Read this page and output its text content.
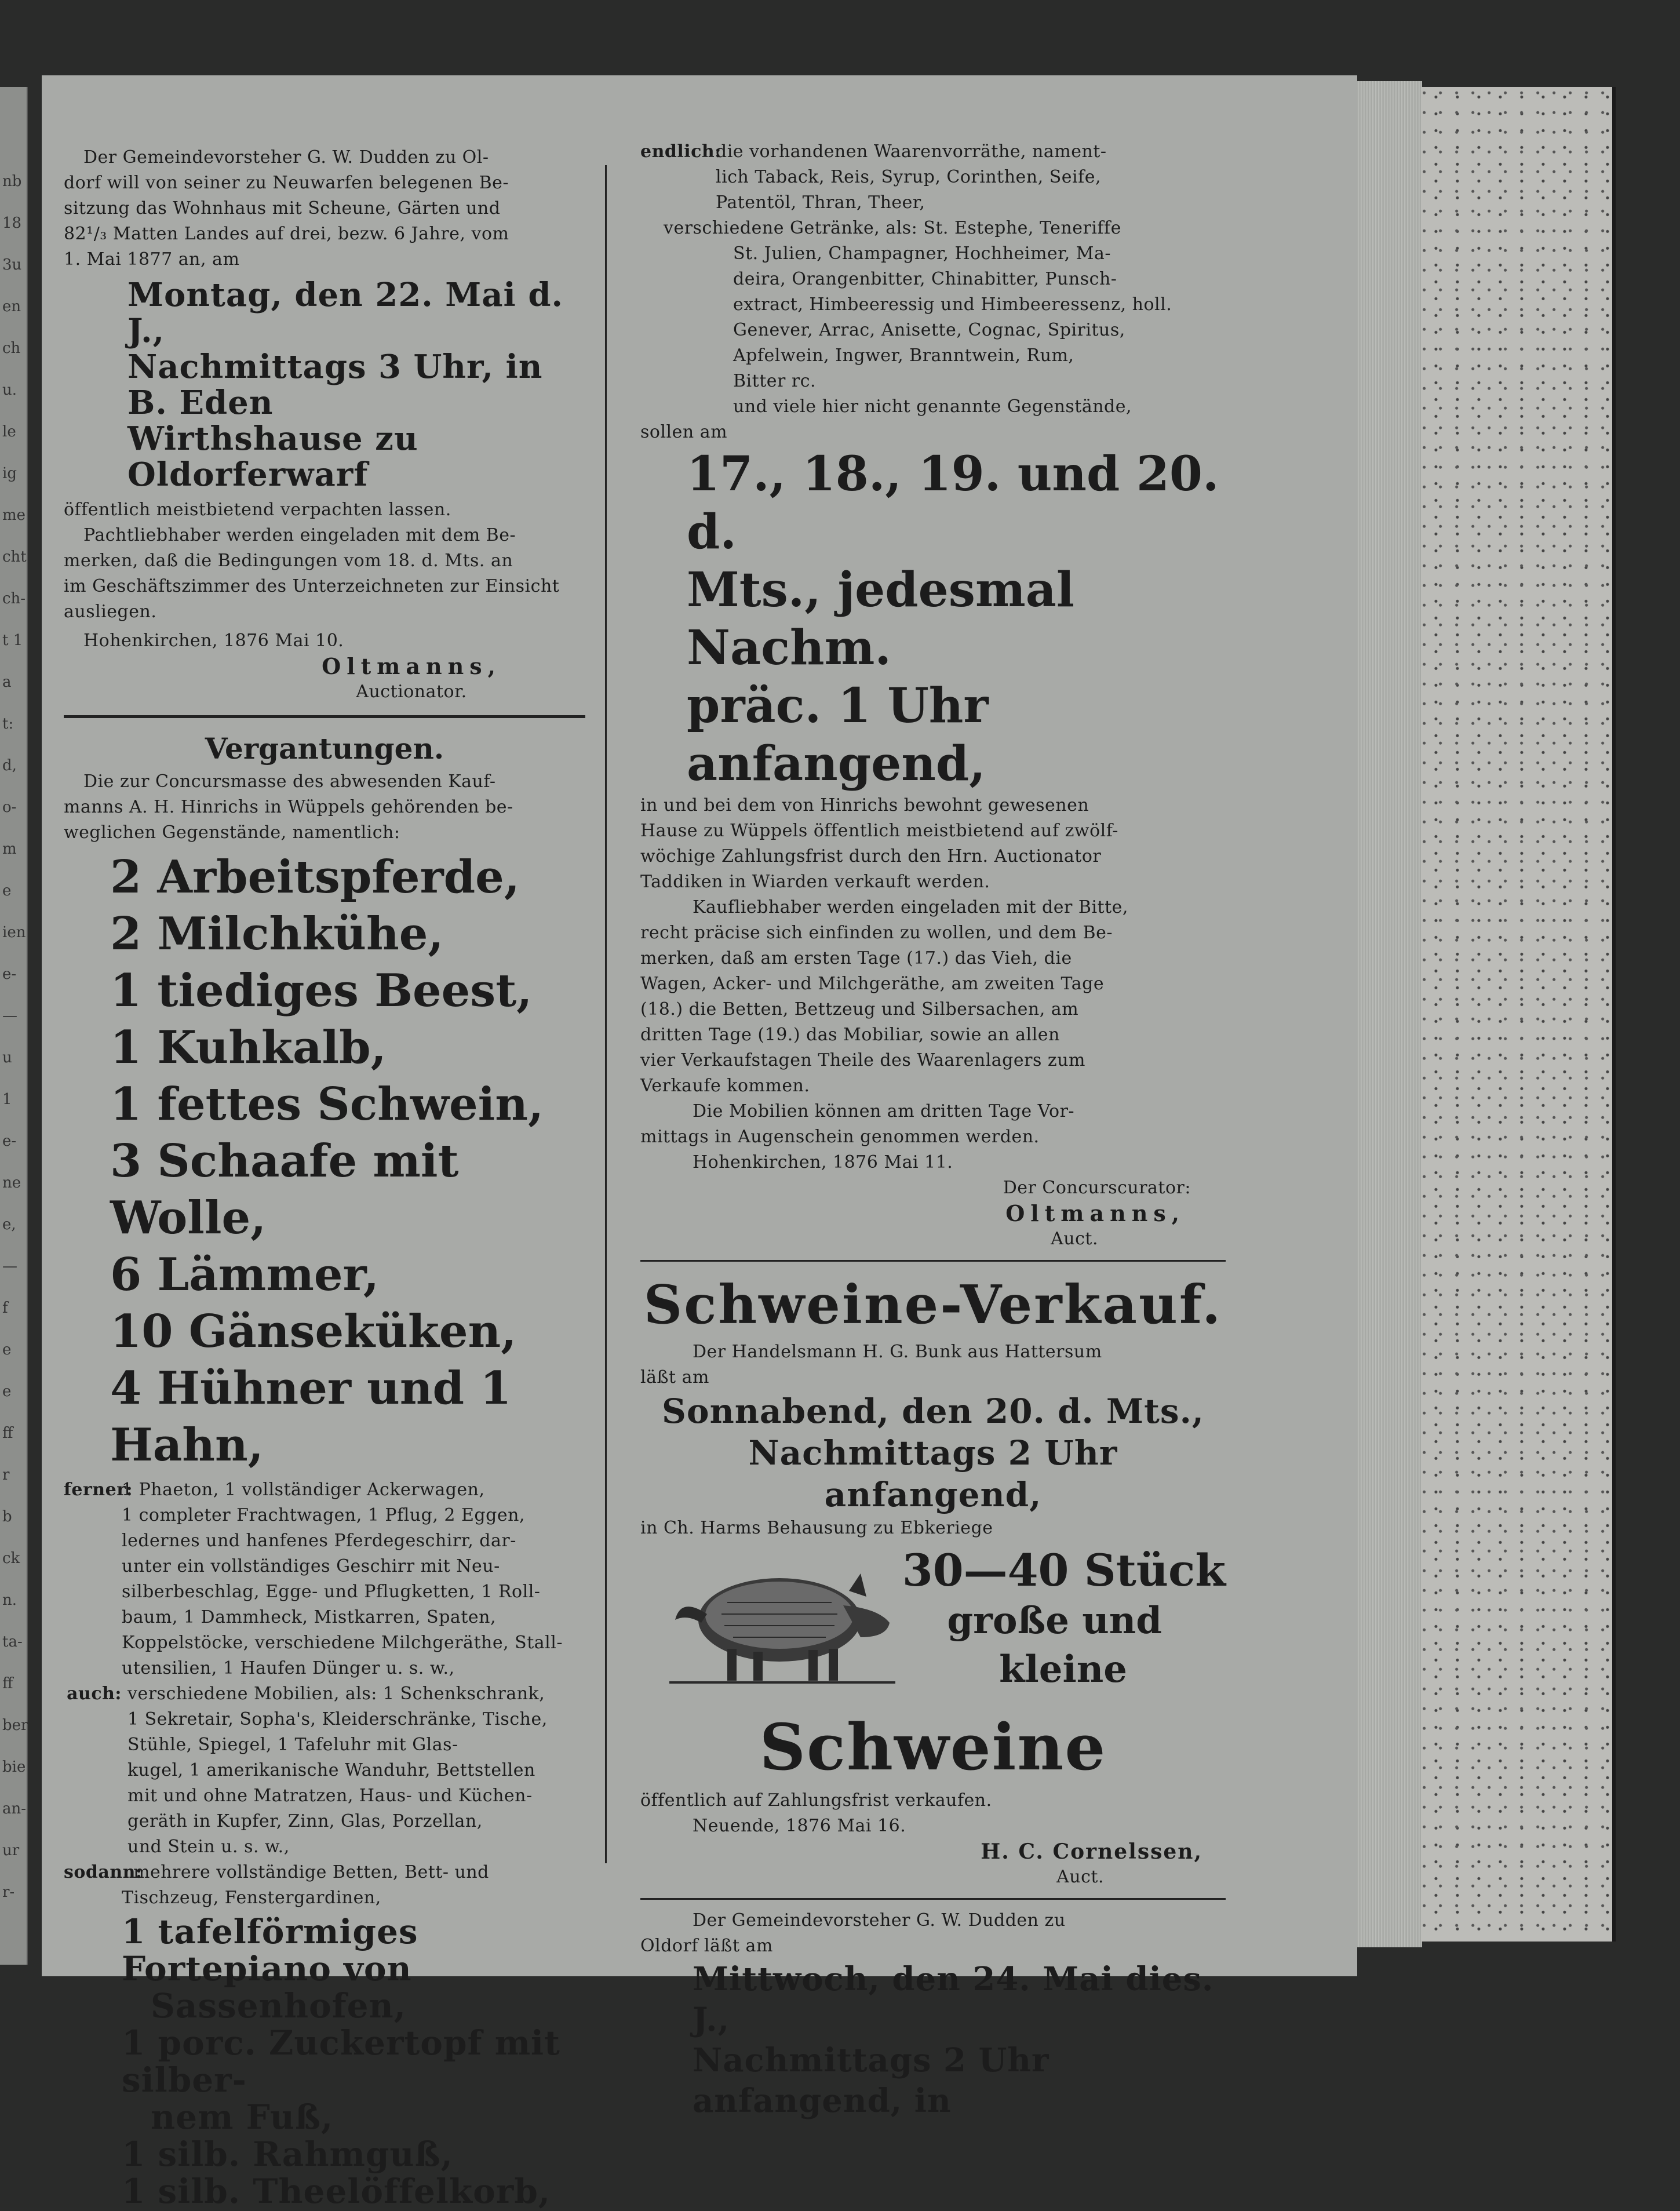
nb
18
3u
en
ch
u.
le
ig
me
cht
ch-
t 1
a
t:
d,
o-
m
e
ien
e-
—
u
1
e-
ne
e,
—
f
e
e
ff
r
b
ck
n.
ta-
ff
ber
bie
an-
ur
r-

Der Gemeindevorsteher G. W. Dudden zu Ol-

dorf will von seiner zu Neuwarfen belegenen Be-

sitzung das Wohnhaus mit Scheune, Gärten und

82¹/₃ Matten Landes auf drei, bezw. 6 Jahre, vom

1. Mai 1877 an, am

Montag, den 22. Mai d. J.,

Nachmittags 3 Uhr, in B. Eden

Wirthshause zu Oldorferwarf

öffentlich meistbietend verpachten lassen.

Pachtliebhaber werden eingeladen mit dem Be-

merken, daß die Bedingungen vom 18. d. Mts. an

im Geschäftszimmer des Unterzeichneten zur Einsicht

ausliegen.

Hohenkirchen, 1876 Mai 10.

Oltmanns,

Auctionator.

Vergantungen.

Die zur Concursmasse des abwesenden Kauf-

manns A. H. Hinrichs in Wüppels gehörenden be-

weglichen Gegenstände, namentlich:

2 Arbeitspferde,

2 Milchkühe,

1 tiediges Beest,

1 Kuhkalb,

1 fettes Schwein,

3 Schaafe mit Wolle,

6 Lämmer,

10 Gänseküken,

4 Hühner und 1 Hahn,

ferner:

1 Phaeton, 1 vollständiger Ackerwagen,

1 completer Frachtwagen, 1 Pflug, 2 Eggen,

ledernes und hanfenes Pferdegeschirr, dar-

unter ein vollständiges Geschirr mit Neu-

silberbeschlag, Egge- und Pflugketten, 1 Roll-

baum, 1 Dammheck, Mistkarren, Spaten,

Koppelstöcke, verschiedene Milchgeräthe, Stall-

utensilien, 1 Haufen Dünger u. s. w.,

auch: verschiedene Mobilien, als: 1 Schenkschrank,

1 Sekretair, Sopha's, Kleiderschränke, Tische,

Stühle, Spiegel, 1 Tafeluhr mit Glas-

kugel, 1 amerikanische Wanduhr, Bettstellen

mit und ohne Matratzen, Haus- und Küchen-

geräth in Kupfer, Zinn, Glas, Porzellan,

und Stein u. s. w.,

sodann:

mehrere vollständige Betten, Bett- und

Tischzeug, Fenstergardinen,

1 tafelförmiges Fortepiano von

Sassenhofen,

1 porc. Zuckertopf mit silber-

nem Fuß,

1 silb. Rahmguß,

1 silb. Theelöffelkorb,

endlich:

die vorhandenen Waarenvorräthe, nament-

lich Taback, Reis, Syrup, Corinthen, Seife,

Patentöl, Thran, Theer,

verschiedene Getränke, als: St. Estephe, Teneriffe

St. Julien, Champagner, Hochheimer, Ma-

deira, Orangenbitter, Chinabitter, Punsch-

extract, Himbeeressig und Himbeeressenz, holl.

Genever, Arrac, Anisette, Cognac, Spiritus,

Apfelwein, Ingwer, Branntwein, Rum,

Bitter rc.

und viele hier nicht genannte Gegenstände,

sollen am

17., 18., 19. und 20. d.

Mts., jedesmal Nachm.

präc. 1 Uhr anfangend,

in und bei dem von Hinrichs bewohnt gewesenen

Hause zu Wüppels öffentlich meistbietend auf zwölf-

wöchige Zahlungsfrist durch den Hrn. Auctionator

Taddiken in Wiarden verkauft werden.

Kaufliebhaber werden eingeladen mit der Bitte,

recht präcise sich einfinden zu wollen, und dem Be-

merken, daß am ersten Tage (17.) das Vieh, die

Wagen, Acker- und Milchgeräthe, am zweiten Tage

(18.) die Betten, Bettzeug und Silbersachen, am

dritten Tage (19.) das Mobiliar, sowie an allen

vier Verkaufstagen Theile des Waarenlagers zum

Verkaufe kommen.

Die Mobilien können am dritten Tage Vor-

mittags in Augenschein genommen werden.

Hohenkirchen, 1876 Mai 11.

Der Concurscurator:

Oltmanns,

Auct.

Schweine-Verkauf.

Der Handelsmann H. G. Bunk aus Hattersum

läßt am

Sonnabend, den 20. d. Mts.,

Nachmittags 2 Uhr anfangend,

in Ch. Harms Behausung zu Ebkeriege

30—40 Stück

große und

kleine

Schweine

öffentlich auf Zahlungsfrist verkaufen.

Neuende, 1876 Mai 16.

H. C. Cornelssen,

Auct.

Der Gemeindevorsteher G. W. Dudden zu

Oldorf läßt am

Mittwoch, den 24. Mai dies. J.,

Nachmittags 2 Uhr anfangend, in
